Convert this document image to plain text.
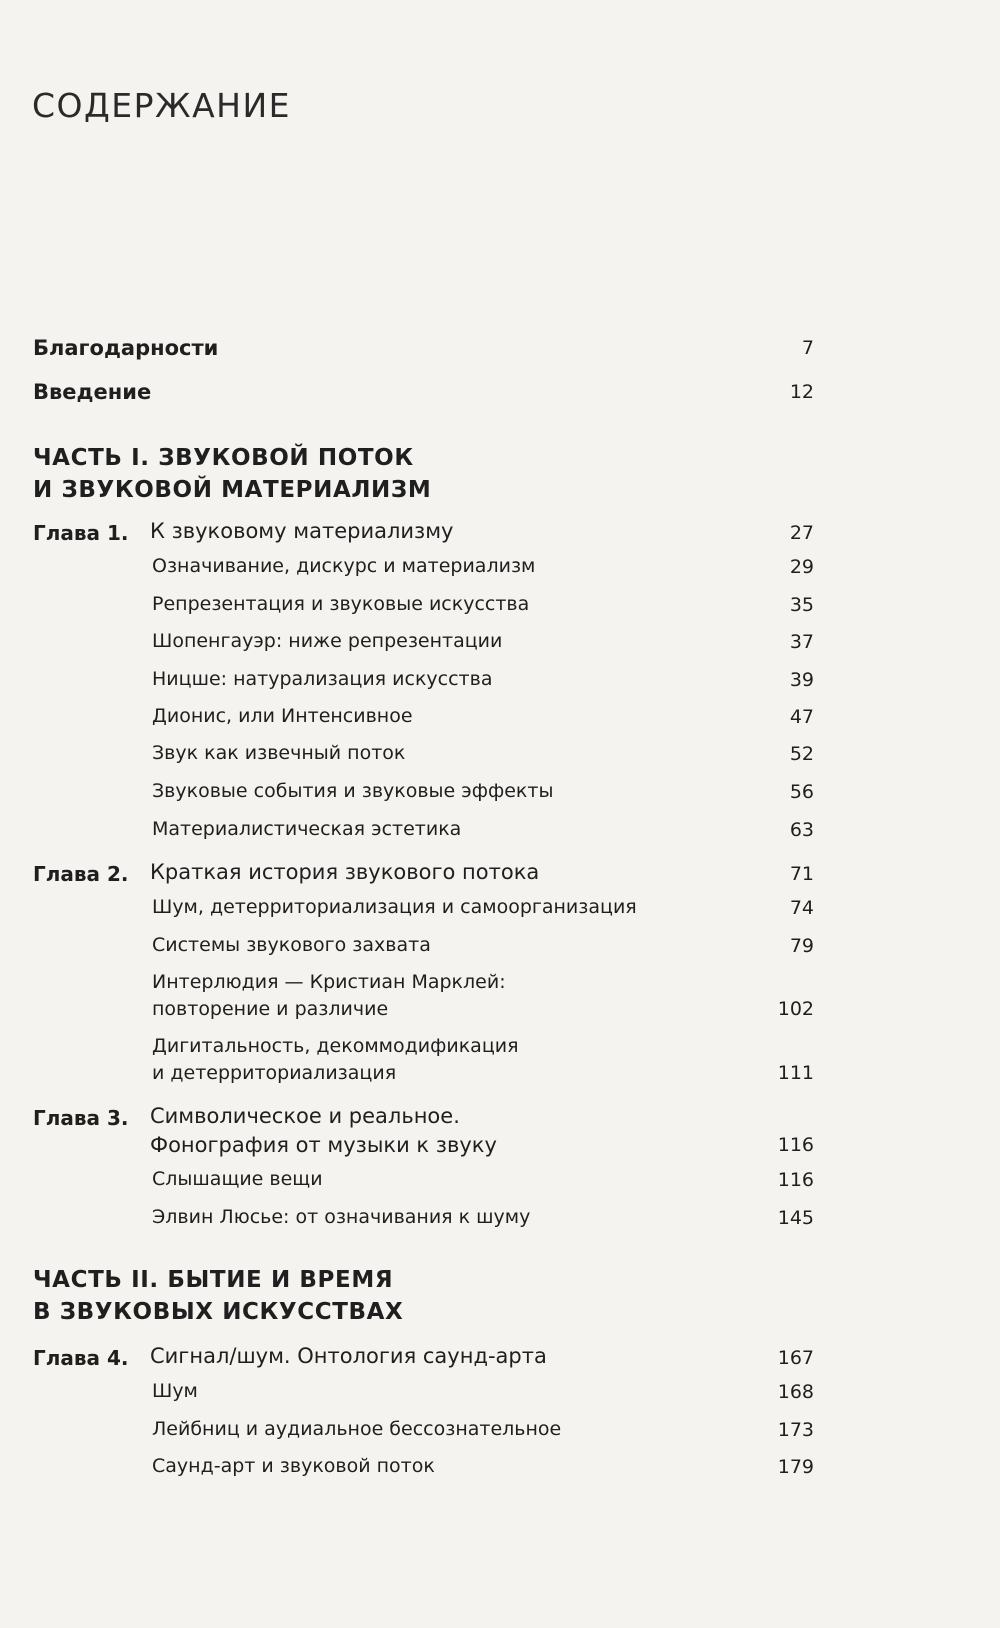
СОДЕРЖАНИЕ
Благодарности	7
Введение	12
ЧАСТЬ I. ЗВУКОВОЙ ПОТОК
И ЗВУКОВОЙ МАТЕРИАЛИЗМ
Глава 1. К звуковому материализму	27
Означивание, дискурс и материализм	29
Репрезентация и звуковые искусства	35
Шопенгауэр: ниже репрезентации	37
Ницше: натурализация искусства	39
Дионис, или Интенсивное	47
Звук как извечный поток	52
Звуковые события и звуковые эффекты	56
Материалистическая эстетика	63
Глава 2. Краткая история звукового потока	71
Шум, детерриториализация и самоорганизация	74
Системы звукового захвата	79
Интерлюдия — Кристиан Марклей:
повторение и различие	102
Дигитальность, декоммодификация
и детерриториализация	111
Глава 3. Символическое и реальное.
Фонография от музыки к звуку	116
Слышащие вещи	116
Элвин Люсье: от означивания к шуму	145
ЧАСТЬ II. БЫТИЕ И ВРЕМЯ
В ЗВУКОВЫХ ИСКУССТВАХ
Глава 4. Сигнал/шум. Онтология саунд-арта	167
Шум	168
Лейбниц и аудиальное бессознательное	173
Саунд-арт и звуковой поток	179
